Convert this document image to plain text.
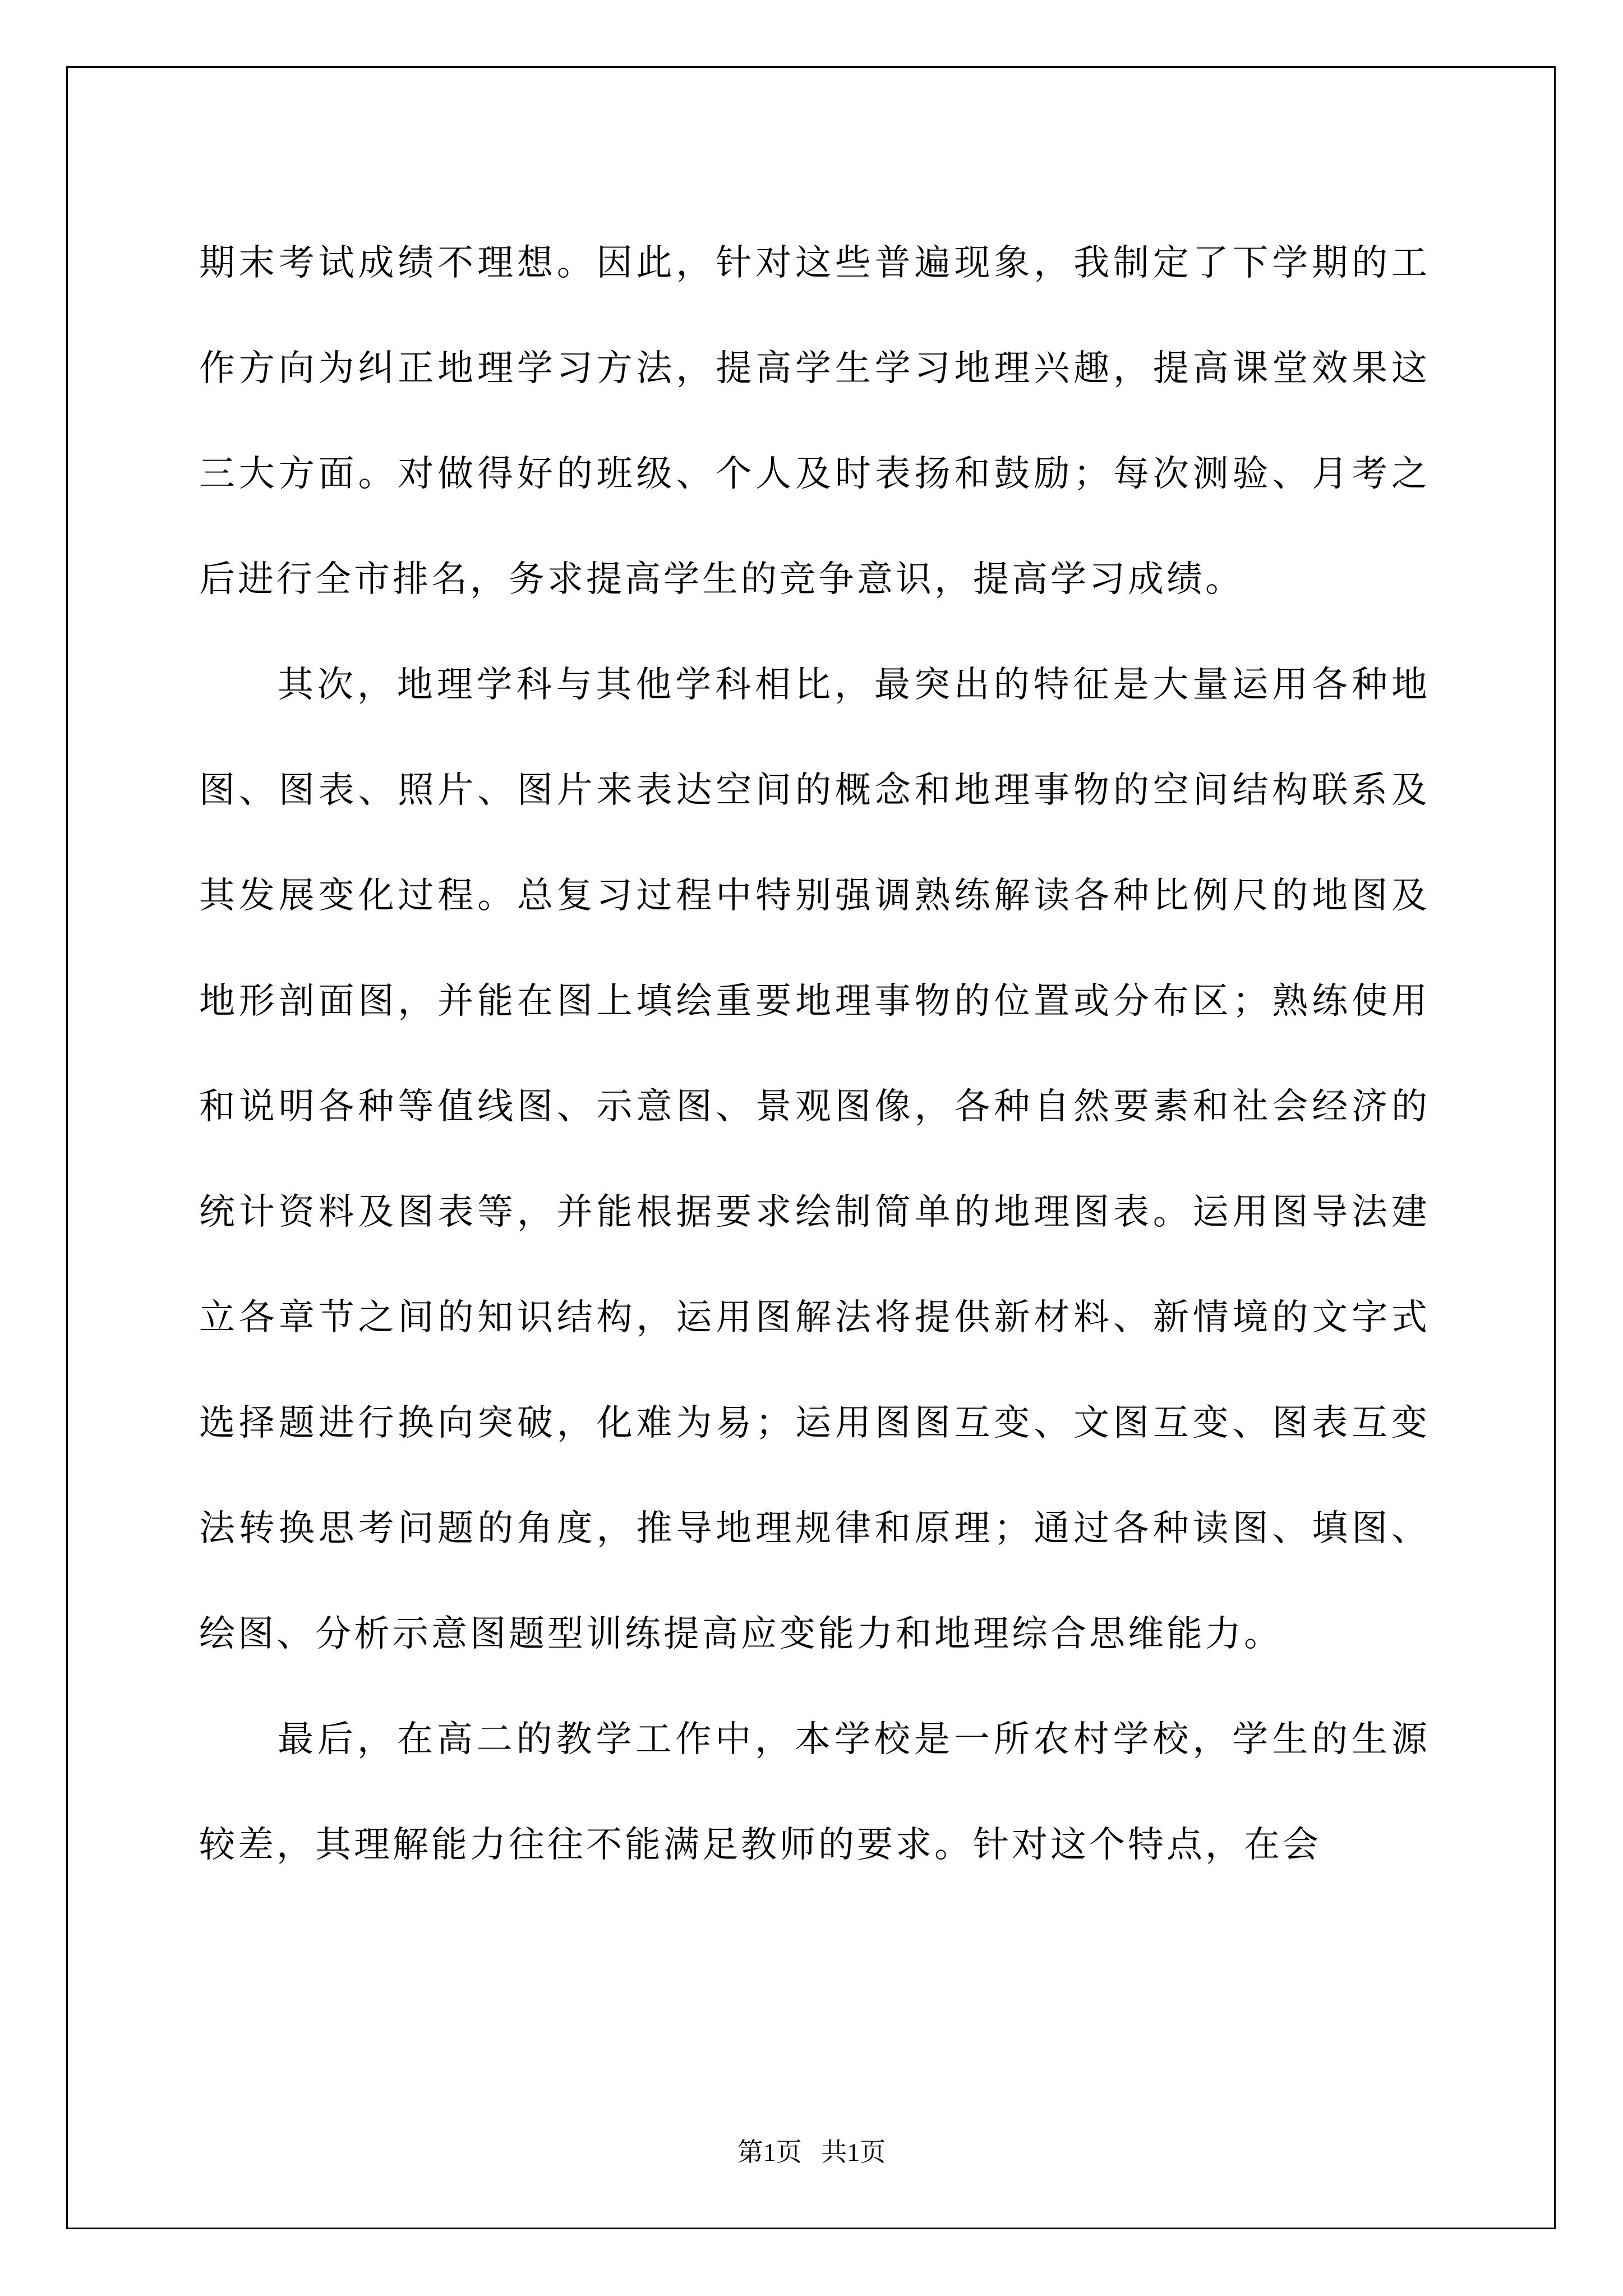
期末考试成绩不理想。因此，针对这些普遍现象，我制定了下学期的工作方向为纠正地理学习方法，提高学生学习地理兴趣，提高课堂效果这三大方面。对做得好的班级、个人及时表扬和鼓励；每次测验、月考之后进行全市排名，务求提高学生的竞争意识，提高学习成绩。

其次，地理学科与其他学科相比，最突出的特征是大量运用各种地图、图表、照片、图片来表达空间的概念和地理事物的空间结构联系及其发展变化过程。总复习过程中特别强调熟练解读各种比例尺的地图及地形剖面图，并能在图上填绘重要地理事物的位置或分布区；熟练使用和说明各种等值线图、示意图、景观图像，各种自然要素和社会经济的统计资料及图表等，并能根据要求绘制简单的地理图表。运用图导法建立各章节之间的知识结构，运用图解法将提供新材料、新情境的文字式选择题进行换向突破，化难为易；运用图图互变、文图互变、图表互变法转换思考问题的角度，推导地理规律和原理；通过各种读图、填图、绘图、分析示意图题型训练提高应变能力和地理综合思维能力。

最后，在高二的教学工作中，本学校是一所农村学校，学生的生源较差，其理解能力往往不能满足教师的要求。针对这个特点，在会

第1页 共1页
